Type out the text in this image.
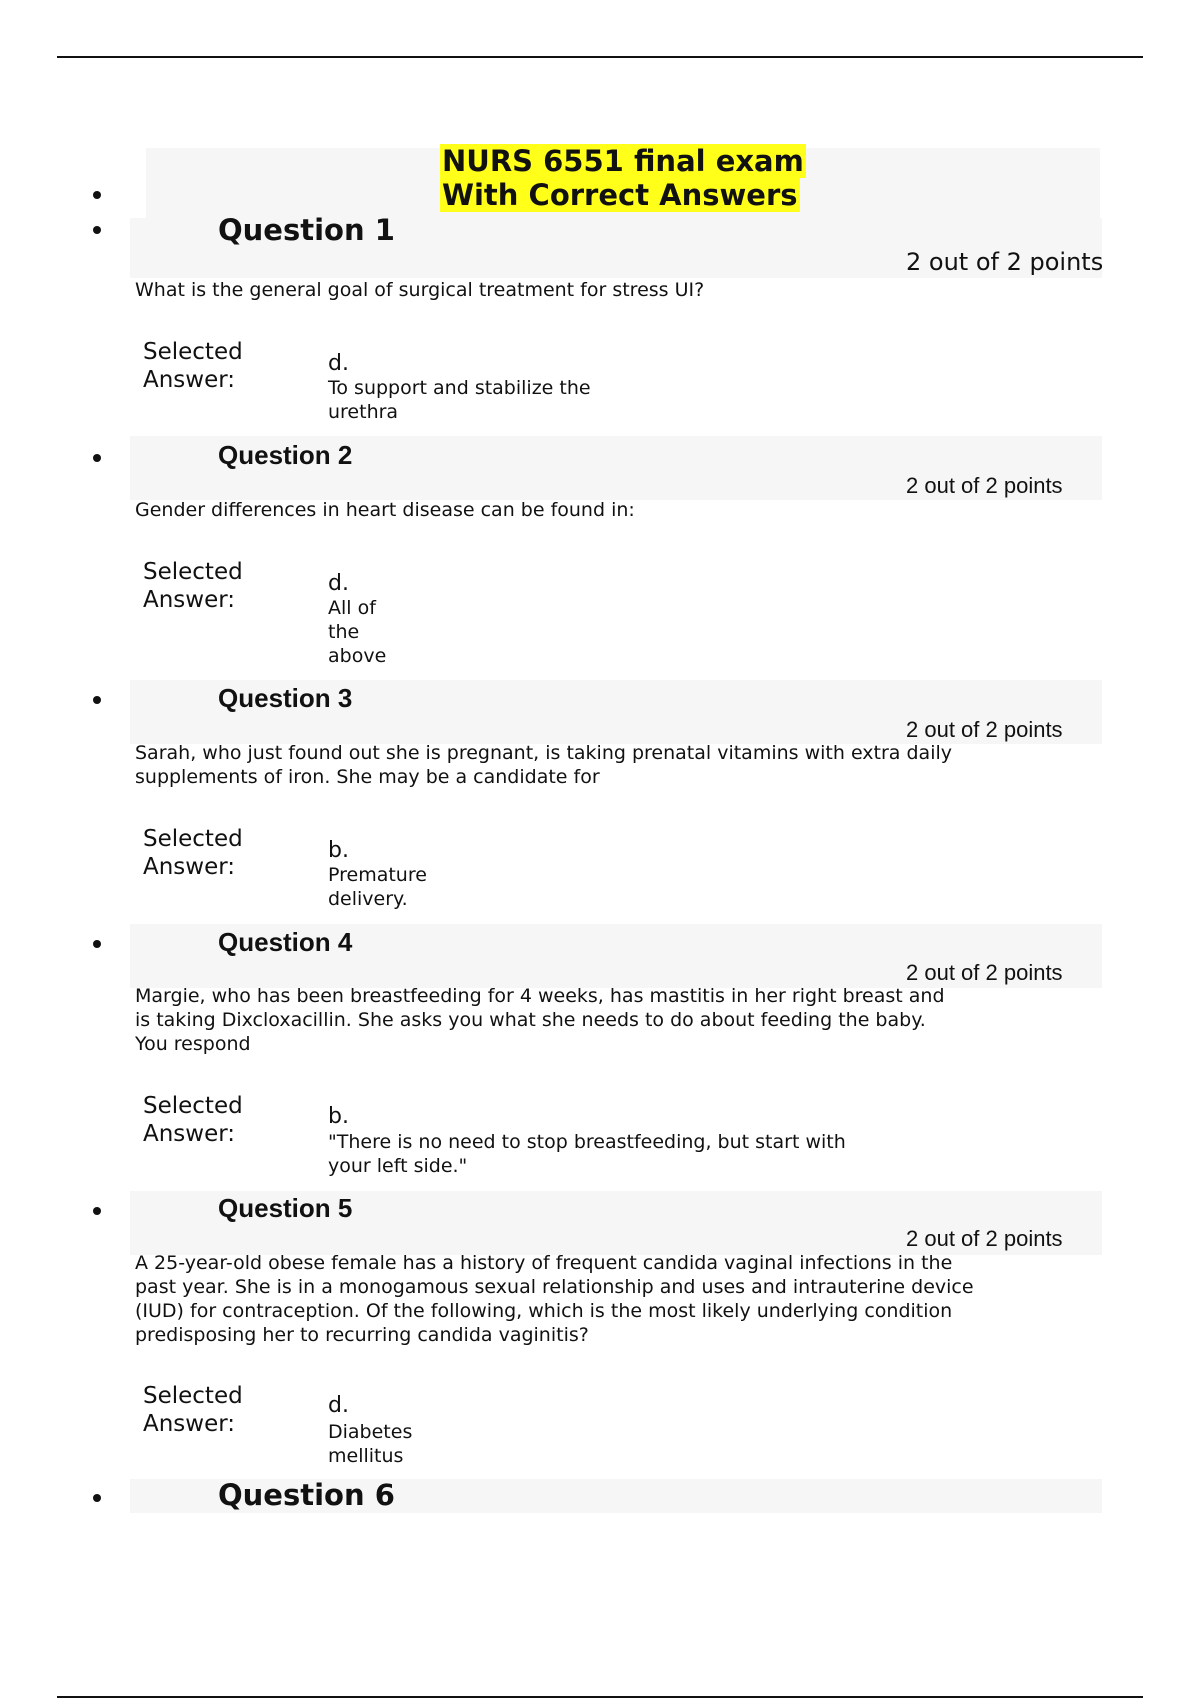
NURS 6551 final exam
With Correct Answers
Question 1
2 out of 2 points
What is the general goal of surgical treatment for stress UI?
Selected
Answer:
d.
To support and stabilize the
urethra
Question 2
2 out of 2 points
Gender differences in heart disease can be found in:
Selected
Answer:
d.
All of
the
above
Question 3
2 out of 2 points
Sarah, who just found out she is pregnant, is taking prenatal vitamins with extra daily
supplements of iron. She may be a candidate for
Selected
Answer:
b.
Premature
delivery.
Question 4
2 out of 2 points
Margie, who has been breastfeeding for 4 weeks, has mastitis in her right breast and
is taking Dixcloxacillin. She asks you what she needs to do about feeding the baby.
You respond
Selected
Answer:
b.
"There is no need to stop breastfeeding, but start with
your left side."
Question 5
2 out of 2 points
A 25-year-old obese female has a history of frequent candida vaginal infections in the
past year. She is in a monogamous sexual relationship and uses and intrauterine device
(IUD) for contraception. Of the following, which is the most likely underlying condition
predisposing her to recurring candida vaginitis?
Selected
Answer:
d.
Diabetes
mellitus
Question 6
